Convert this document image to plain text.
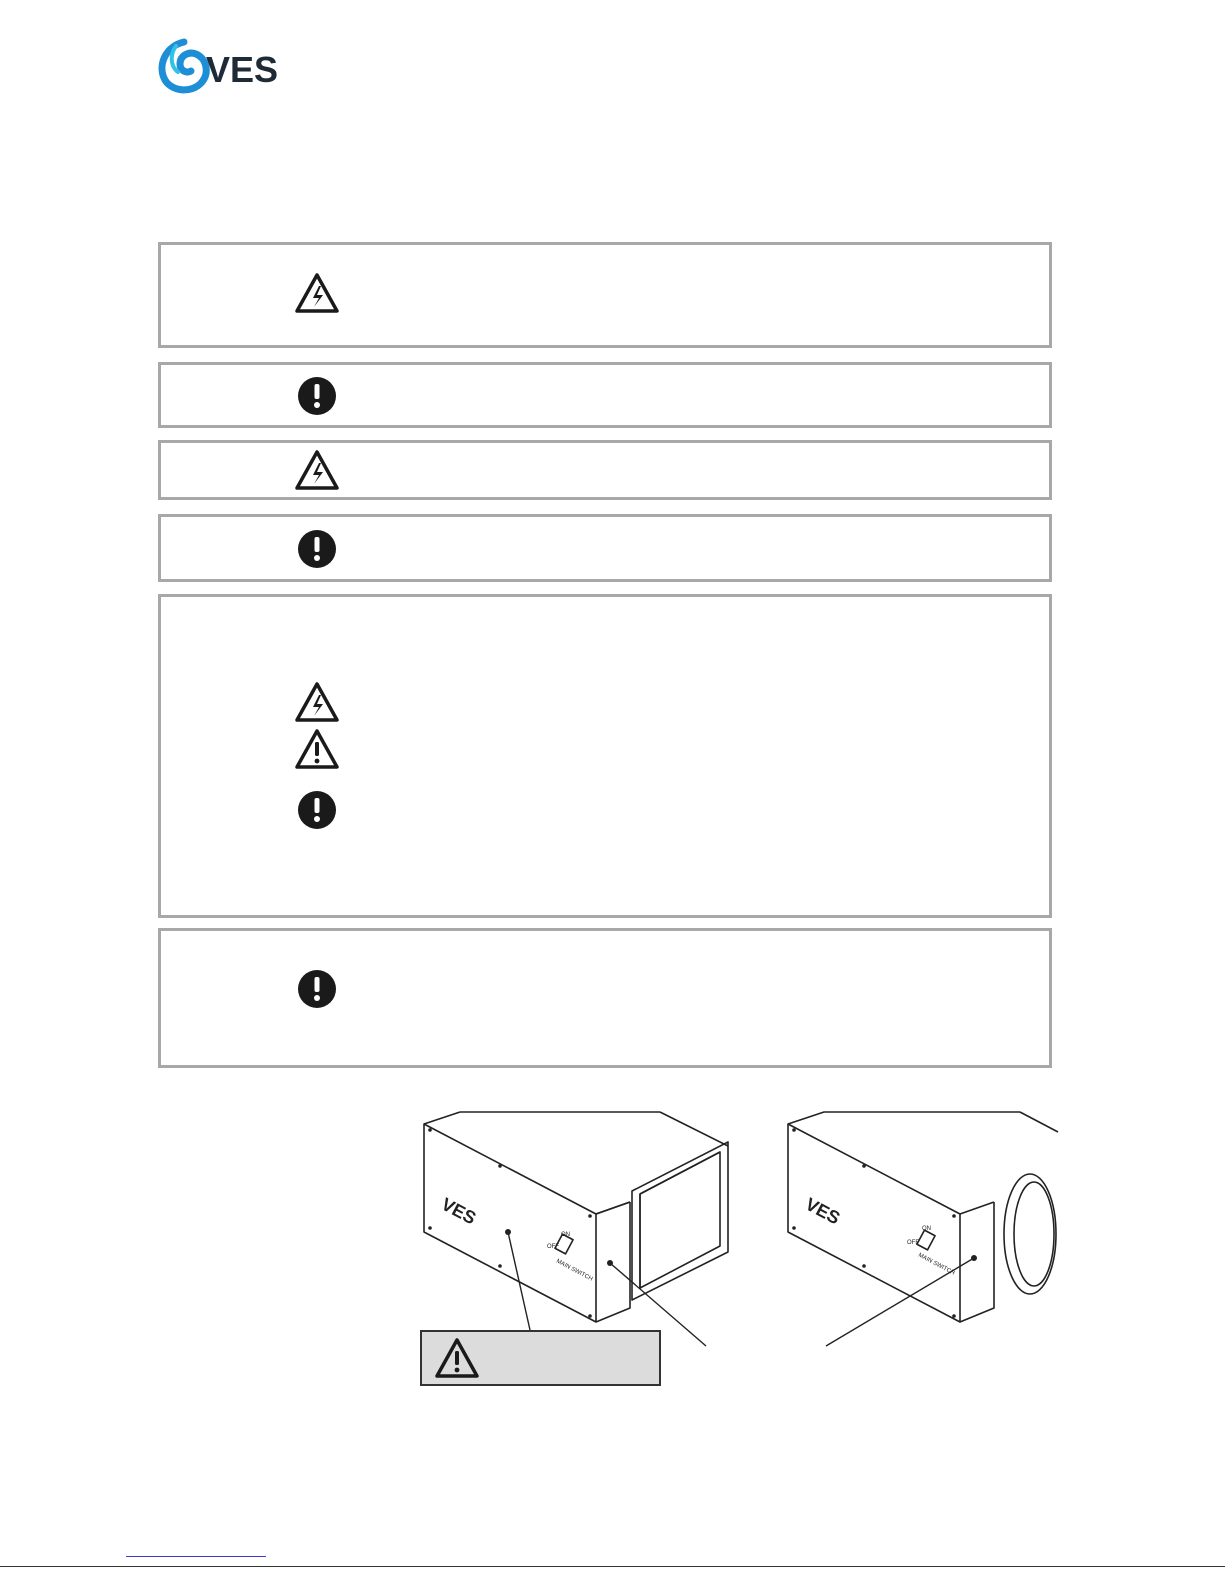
VES
VES
ON
OFF
MAIN SWITCH
VES
ON
OFF
MAIN SWITCH
